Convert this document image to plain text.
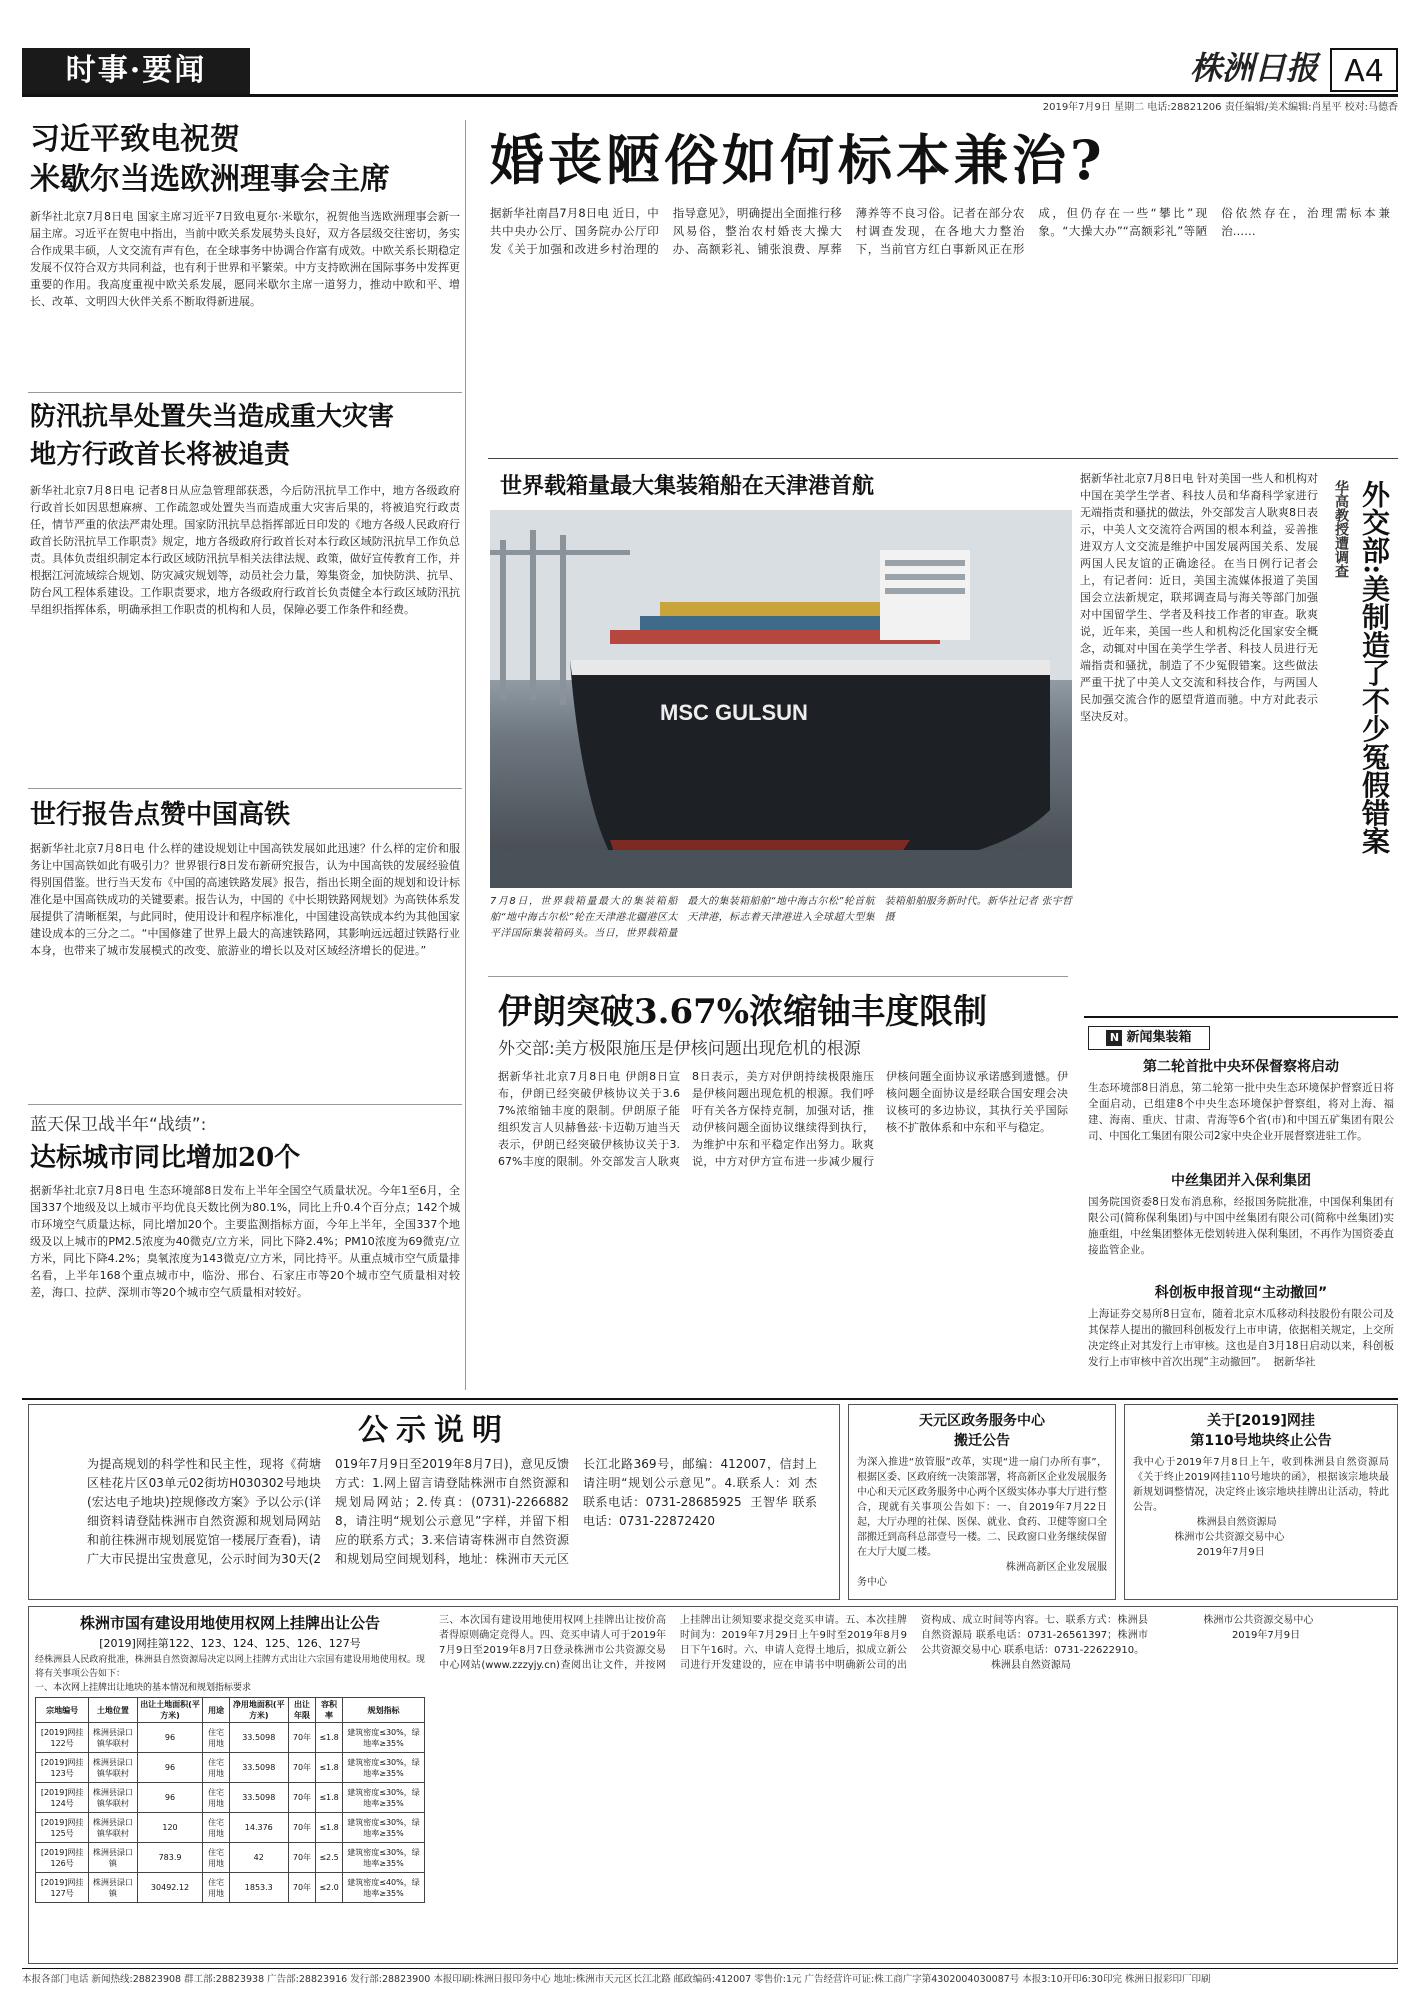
时事·要闻	株洲日报 A4
2019年7月9日 星期二 电话:28821206 责任编辑/美术编辑:肖星平 校对:马德香
习近平致电祝贺
米歇尔当选欧洲理事会主席
新华社北京7月8日电 国家主席习近平7日致电夏尔·米歇尔，祝贺他当选欧洲理事会新一届主席。习近平在贺电中指出，当前中欧关系发展势头良好，双方各层级交往密切，务实合作成果丰硕，人文交流有声有色，在全球事务中协调合作富有成效。中欧关系长期稳定发展不仅符合双方共同利益，也有利于世界和平繁荣。中方支持欧洲在国际事务中发挥更重要的作用。我高度重视中欧关系发展，愿同米歇尔主席一道努力，推动中欧和平、增长、改革、文明四大伙伴关系不断取得新进展。
防汛抗旱处置失当造成重大灾害
地方行政首长将被追责
新华社北京7月8日电 记者8日从应急管理部获悉，今后防汛抗旱工作中，地方各级政府行政首长如因思想麻痹、工作疏忽或处置失当而造成重大灾害后果的，将被追究行政责任，情节严重的依法严肃处理。国家防汛抗旱总指挥部近日印发的《地方各级人民政府行政首长防汛抗旱工作职责》规定，地方各级政府行政首长对本行政区域防汛抗旱工作负总责。具体负责组织制定本行政区域防汛抗旱相关法律法规、政策，做好宣传教育工作，并根据江河流域综合规划、防灾减灾规划等，动员社会力量，筹集资金，加快防洪、抗旱、防台风工程体系建设。工作职责要求，地方各级政府行政首长负责健全本行政区域防汛抗旱组织指挥体系，明确承担工作职责的机构和人员，保障必要工作条件和经费。
世行报告点赞中国高铁
据新华社北京7月8日电 什么样的建设规划让中国高铁发展如此迅速？什么样的定价和服务让中国高铁如此有吸引力？世界银行8日发布新研究报告，认为中国高铁的发展经验值得别国借鉴。世行当天发布《中国的高速铁路发展》报告，指出长期全面的规划和设计标准化是中国高铁成功的关键要素。报告认为，中国的《中长期铁路网规划》为高铁体系发展提供了清晰框架，与此同时，使用设计和程序标准化，中国建设高铁成本约为其他国家建设成本的三分之二。“中国修建了世界上最大的高速铁路网，其影响远远超过铁路行业本身，也带来了城市发展模式的改变、旅游业的增长以及对区域经济增长的促进。”
蓝天保卫战半年“战绩”:
达标城市同比增加20个
据新华社北京7月8日电 生态环境部8日发布上半年全国空气质量状况。今年1至6月，全国337个地级及以上城市平均优良天数比例为80.1%，同比上升0.4个百分点；142个城市环境空气质量达标，同比增加20个。主要监测指标方面，今年上半年，全国337个地级及以上城市的PM2.5浓度为40微克/立方米，同比下降2.4%；PM10浓度为69微克/立方米，同比下降4.2%；臭氧浓度为143微克/立方米，同比持平。从重点城市空气质量排名看，上半年168个重点城市中，临汾、邢台、石家庄市等20个城市空气质量相对较差，海口、拉萨、深圳市等20个城市空气质量相对较好。
婚丧陋俗如何标本兼治?
据新华社南昌7月8日电 近日，中共中央办公厅、国务院办公厅印发《关于加强和改进乡村治理的指导意见》，明确提出全面推行移风易俗，整治农村婚丧大操大办、高额彩礼、铺张浪费、厚葬薄养等不良习俗。记者在部分农村调查发现，在各地大力整治下，当前官方红白事新风正在形成，但仍存在一些“攀比”现象。“大操大办”“高额彩礼”等陋俗依然存在，治理需标本兼治……
世界载箱量最大集装箱船在天津港首航
MSC GULSUN
7月8日，世界载箱量最大的集装箱船舶“地中海古尔松”轮在天津港北疆港区太平洋国际集装箱码头。当日，世界载箱量最大的集装箱船舶“地中海古尔松”轮首航天津港，标志着天津港进入全球超大型集装箱船舶服务新时代。新华社记者 张宇哲 摄
华高教授遭调查 外交部:美制造了不少冤假错案
据新华社北京7月8日电 针对美国一些人和机构对中国在美学生学者、科技人员和华裔科学家进行无端指责和骚扰的做法，外交部发言人耿爽8日表示，中美人文交流符合两国的根本利益，妥善推进双方人文交流是维护中国发展两国关系、发展两国人民友谊的正确途径。在当日例行记者会上，有记者问：近日，美国主流媒体报道了美国国会立法新规定，联邦调查局与海关等部门加强对中国留学生、学者及科技工作者的审查。耿爽说，近年来，美国一些人和机构泛化国家安全概念，动辄对中国在美学生学者、科技人员进行无端指责和骚扰，制造了不少冤假错案。这些做法严重干扰了中美人文交流和科技合作，与两国人民加强交流合作的愿望背道而驰。中方对此表示坚决反对。
伊朗突破3.67%浓缩铀丰度限制
外交部:美方极限施压是伊核问题出现危机的根源
据新华社北京7月8日电 伊朗8日宣布，伊朗已经突破伊核协议关于3.67%浓缩铀丰度的限制。伊朗原子能组织发言人贝赫鲁兹·卡迈勒万迪当天表示，伊朗已经突破伊核协议关于3.67%丰度的限制。外交部发言人耿爽8日表示，美方对伊朗持续极限施压是伊核问题出现危机的根源。我们呼吁有关各方保持克制，加强对话，推动伊核问题全面协议继续得到执行，为维护中东和平稳定作出努力。耿爽说，中方对伊方宣布进一步减少履行伊核问题全面协议承诺感到遗憾。伊核问题全面协议是经联合国安理会决议核可的多边协议，其执行关乎国际核不扩散体系和中东和平与稳定。
N 新闻集装箱
第二轮首批中央环保督察将启动
生态环境部8日消息，第二轮第一批中央生态环境保护督察近日将全面启动，已组建8个中央生态环境保护督察组，将对上海、福建、海南、重庆、甘肃、青海等6个省(市)和中国五矿集团有限公司、中国化工集团有限公司2家中央企业开展督察进驻工作。
中丝集团并入保利集团
国务院国资委8日发布消息称，经报国务院批准，中国保利集团有限公司(简称保利集团)与中国中丝集团有限公司(简称中丝集团)实施重组，中丝集团整体无偿划转进入保利集团，不再作为国资委直接监管企业。
科创板申报首现“主动撤回”
上海证券交易所8日宣布，随着北京木瓜移动科技股份有限公司及其保荐人提出的撤回科创板发行上市申请，依据相关规定，上交所决定终止对其发行上市审核。这也是自3月18日启动以来，科创板发行上市审核中首次出现“主动撤回”。  据新华社
公示说明
为提高规划的科学性和民主性，现将《荷塘区桂花片区03单元02街坊H030302号地块(宏达电子地块)控规修改方案》予以公示(详细资料请登陆株洲市自然资源和规划局网站和前往株洲市规划展览馆一楼展厅查看)，请广大市民提出宝贵意见，公示时间为30天(2019年7月9日至2019年8月7日)，意见反馈方式：1.网上留言请登陆株洲市自然资源和规划局网站；2.传真：(0731)-22668828，请注明“规划公示意见”字样，并留下相应的联系方式；3.来信请寄株洲市自然资源和规划局空间规划科，地址：株洲市天元区长江北路369号，邮编：412007，信封上请注明“规划公示意见”。4.联系人：刘 杰 联系电话：0731-28685925  王智华 联系电话：0731-22872420
天元区政务服务中心
搬迁公告
为深入推进“放管服”改革，实现“进一扇门办所有事”，根据区委、区政府统一决策部署，将高新区企业发展服务中心和天元区政务服务中心两个区级实体办事大厅进行整合，现就有关事项公告如下：一、自2019年7月22日起，大厅办理的社保、医保、就业、食药、卫健等窗口全部搬迁到高科总部壹号一楼。二、民政窗口业务继续保留在大厅大厦二楼。
株洲高新区企业发展服务中心
关于[2019]网挂
第110号地块终止公告
我中心于2019年7月8日上午，收到株洲县自然资源局《关于终止2019网挂110号地块的函》，根据该宗地块最新规划调整情况，决定终止该宗地块挂牌出让活动，特此公告。
株洲县自然资源局
株洲市公共资源交易中心
2019年7月9日
株洲市国有建设用地使用权网上挂牌出让公告
[2019]网挂第122、123、124、125、126、127号
经株洲县人民政府批准，株洲县自然资源局决定以网上挂牌方式出让六宗国有建设用地使用权。现将有关事项公告如下：
一、本次网上挂牌出让地块的基本情况和规划指标要求
宗地编号	土地位置	出让土地面积(平方米)	用途	净用地面积(平方米)	出让年限	容积率	规划指标
[2019]网挂122号	株洲县渌口镇华联村	96	住宅用地	33.5098	70年	≤1.8	建筑密度≤30%，绿地率≥35%
[2019]网挂123号	株洲县渌口镇华联村	96	住宅用地	33.5098	70年	≤1.8	建筑密度≤30%，绿地率≥35%
[2019]网挂124号	株洲县渌口镇华联村	96	住宅用地	33.5098	70年	≤1.8	建筑密度≤30%，绿地率≥35%
[2019]网挂125号	株洲县渌口镇华联村	120	住宅用地	14.376	70年	≤1.8	建筑密度≤30%，绿地率≥35%
[2019]网挂126号	株洲县渌口镇	783.9	住宅用地	42	70年	≤2.5	建筑密度≤30%，绿地率≥35%
[2019]网挂127号	株洲县渌口镇	30492.12	住宅用地	1853.3	70年	≤2.0	建筑密度≤40%，绿地率≥35%
三、本次国有建设用地使用权网上挂牌出让按价高者得原则确定竞得人。四、竞买申请人可于2019年7月9日至2019年8月7日登录株洲市公共资源交易中心网站(www.zzzyjy.cn)查阅出让文件，并按网上挂牌出让须知要求提交竞买申请。五、本次挂牌时间为：2019年7月29日上午9时至2019年8月9日下午16时。六、申请人竞得土地后，拟成立新公司进行开发建设的，应在申请书中明确新公司的出资构成、成立时间等内容。七、联系方式：株洲县自然资源局 联系电话：0731-26561397；株洲市公共资源交易中心 联系电话：0731-22622910。
株洲县自然资源局
株洲市公共资源交易中心
2019年7月9日
本报各部门电话 新闻热线:28823908 群工部:28823938 广告部:28823916 发行部:28823900 本报印刷:株洲日报印务中心 地址:株洲市天元区长江北路 邮政编码:412007 零售价:1元 广告经营许可证:株工商广字第4302004030087号 本报3:10开印6:30印完 株洲日报彩印厂印刷
